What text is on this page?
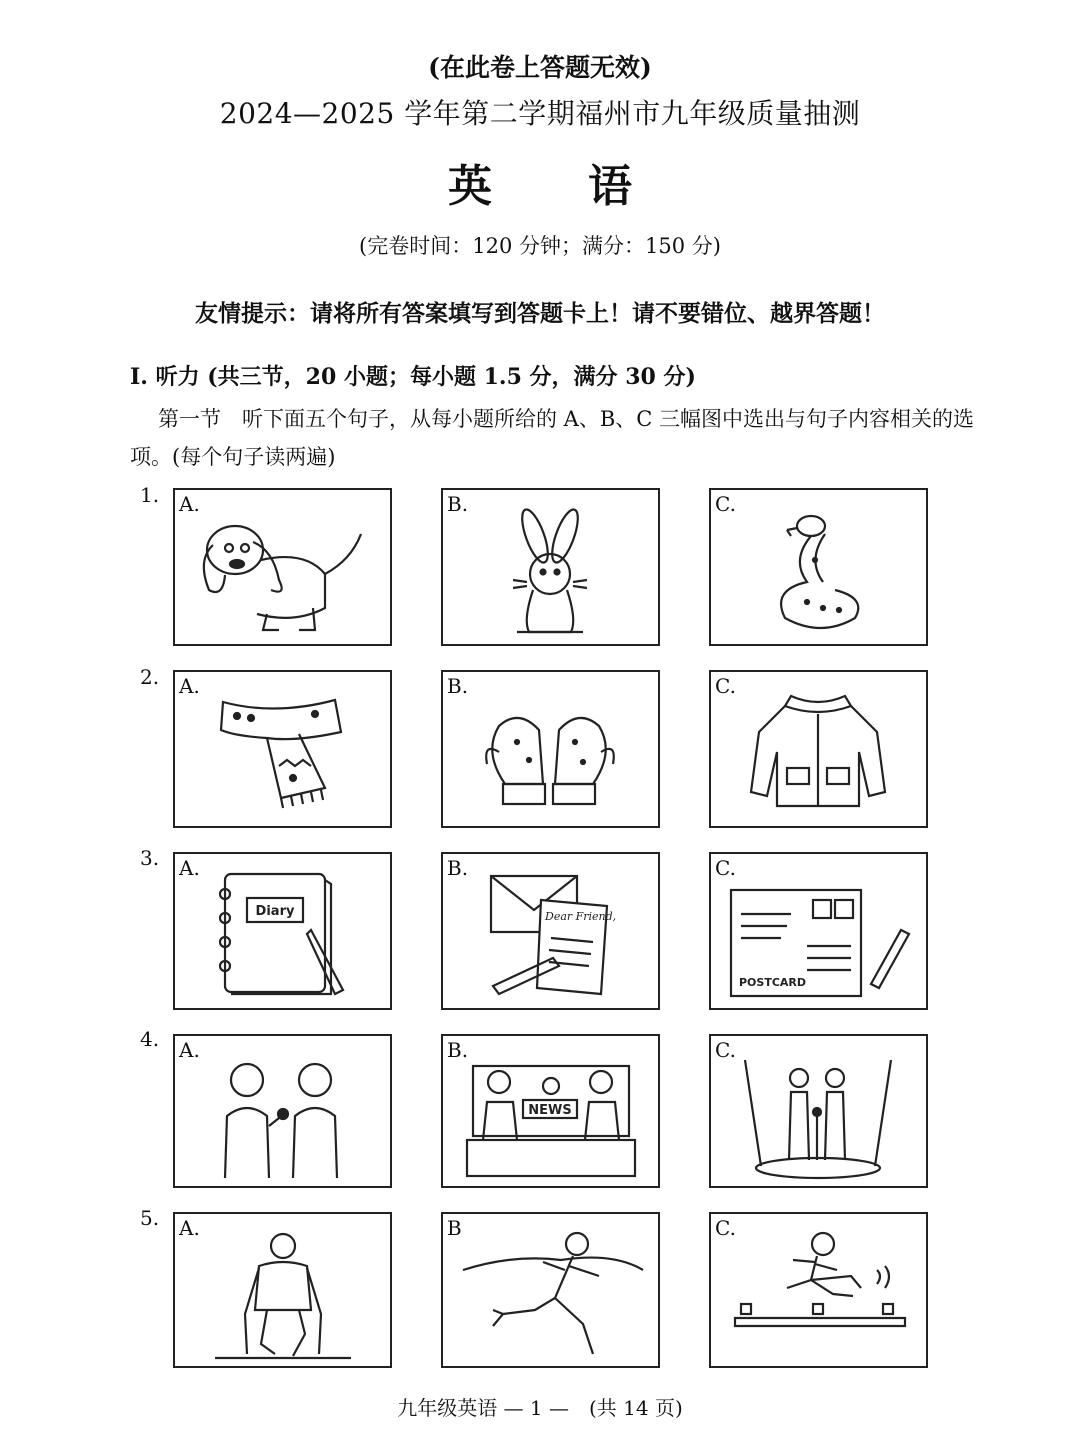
(在此卷上答题无效)
2024—2025 学年第二学期福州市九年级质量抽测
英语
(完卷时间：120 分钟；满分：150 分)
友情提示：请将所有答案填写到答题卡上！请不要错位、越界答题！
I. 听力 (共三节，20 小题；每小题 1.5 分，满分 30 分)
第一节　听下面五个句子，从每小题所给的 A、B、C 三幅图中选出与句子内容相关的选项。(每个句子读两遍)
1. A.	B.	C.
2. A.	B.	C.
3. A.
Diary
B.
Dear Friend,
C.
POSTCARD
4. A.	B.
NEWS
C.
5. A.	B	C.
九年级英语 — 1 —　(共 14 页)
